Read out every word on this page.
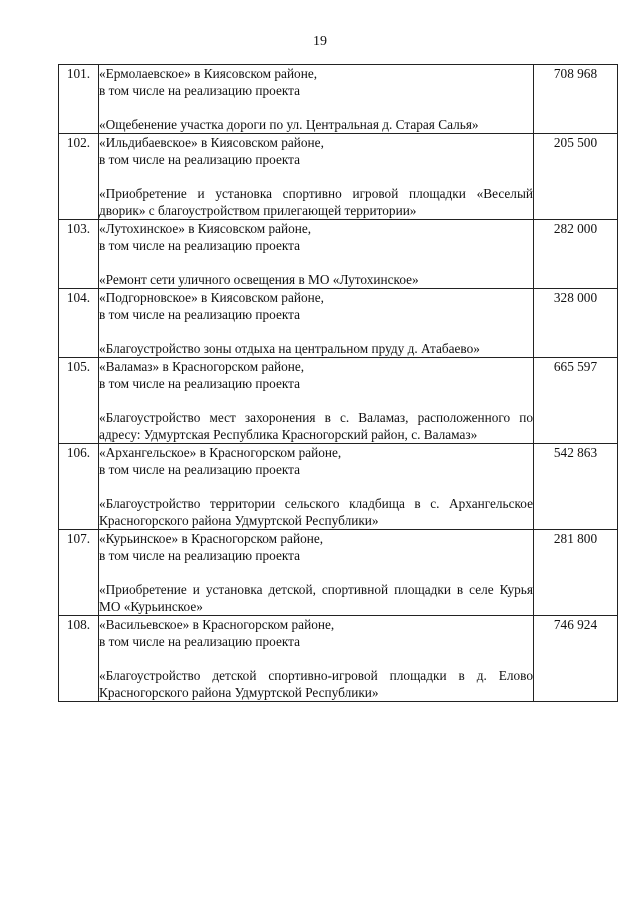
19
101.	«Ермолаевское» в Киясовском районе,
в том числе на реализацию проекта
«Ощебенение участка дороги по ул. Центральная д. Старая Салья»	708 968
102.	«Ильдибаевское» в Киясовском районе,
в том числе на реализацию проекта
«Приобретение и установка спортивно игровой площадки «Веселый дворик» с благоустройством прилегающей территории»	205 500
103.	«Лутохинское» в Киясовском районе,
в том числе на реализацию проекта
«Ремонт сети уличного освещения в МО «Лутохинское»	282 000
104.	«Подгорновское» в Киясовском районе,
в том числе на реализацию проекта
«Благоустройство зоны отдыха на центральном пруду д. Атабаево»	328 000
105.	«Валамаз» в Красногорском районе,
в том числе на реализацию проекта
«Благоустройство мест захоронения в с. Валамаз, расположенного по адресу: Удмуртская Республика Красногорский район, с. Валамаз»	665 597
106.	«Архангельское» в Красногорском районе,
в том числе на реализацию проекта
«Благоустройство территории сельского кладбища в с. Архангельское Красногорского района Удмуртской Республики»	542 863
107.	«Курьинское» в Красногорском районе,
в том числе на реализацию проекта
«Приобретение и установка детской, спортивной площадки в селе Курья МО «Курьинское»	281 800
108.	«Васильевское» в Красногорском районе,
в том числе на реализацию проекта
«Благоустройство детской спортивно-игровой площадки в д. Елово Красногорского района Удмуртской Республики»	746 924
